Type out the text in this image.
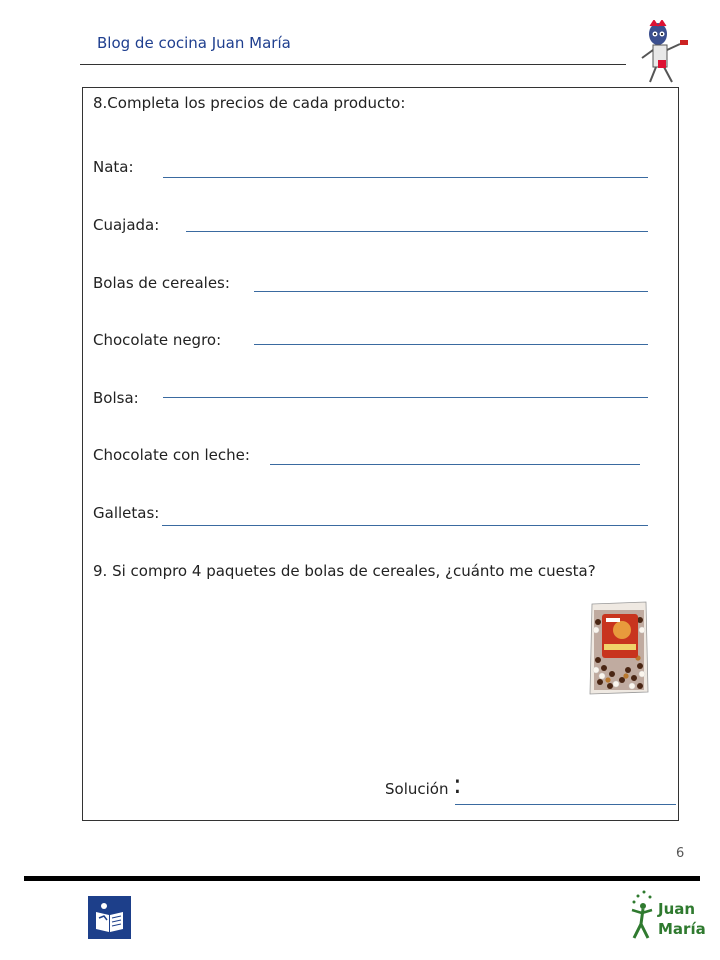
Blog de cocina Juan María
8.Completa los precios de cada producto:
Nata:
Cuajada:
Bolas de cereales:
Chocolate negro:
Bolsa:
Chocolate con leche:
Galletas:
9. Si compro 4 paquetes de bolas de cereales, ¿cuánto me cuesta?
Solución :
6
Juan
María
